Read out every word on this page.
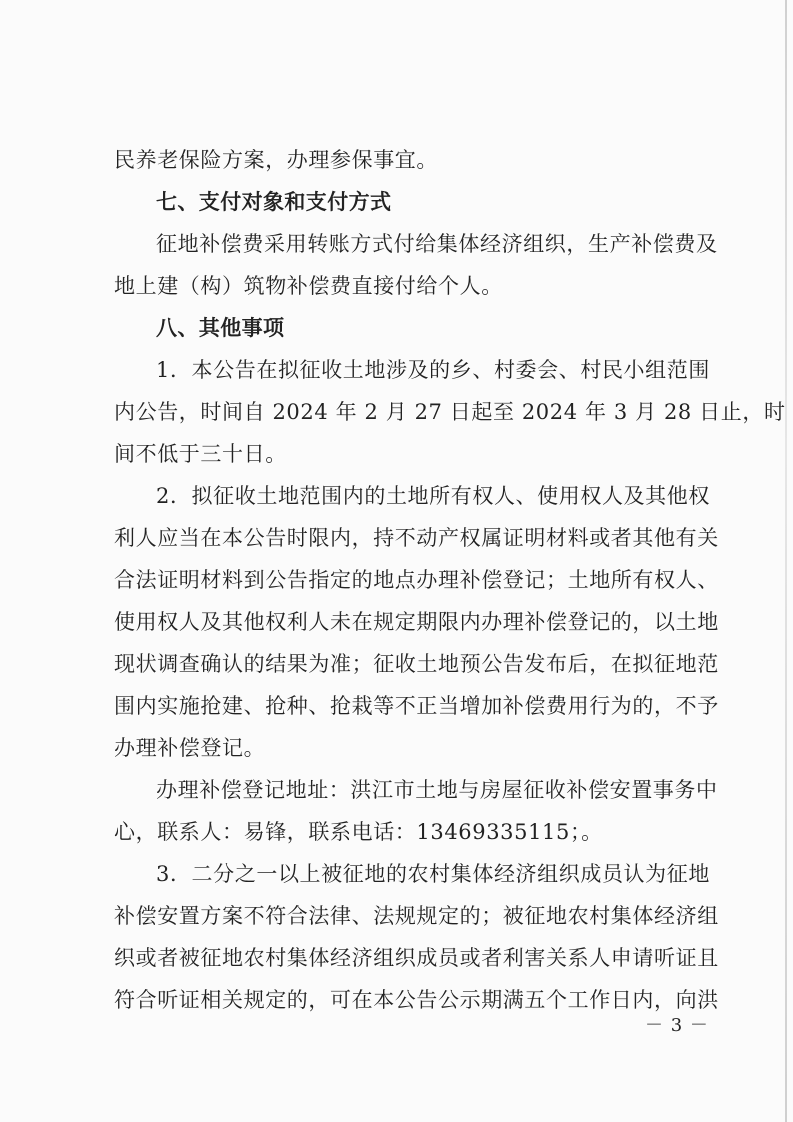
民养老保险方案，办理参保事宜。
七、支付对象和支付方式
征地补偿费采用转账方式付给集体经济组织，生产补偿费及
地上建（构）筑物补偿费直接付给个人。
八、其他事项
1．本公告在拟征收土地涉及的乡、村委会、村民小组范围
内公告，时间自 2024 年 2 月 27 日起至 2024 年 3 月 28 日止，时
间不低于三十日。
2．拟征收土地范围内的土地所有权人、使用权人及其他权
利人应当在本公告时限内，持不动产权属证明材料或者其他有关
合法证明材料到公告指定的地点办理补偿登记；土地所有权人、
使用权人及其他权利人未在规定期限内办理补偿登记的，以土地
现状调查确认的结果为准；征收土地预公告发布后，在拟征地范
围内实施抢建、抢种、抢栽等不正当增加补偿费用行为的，不予
办理补偿登记。
办理补偿登记地址：洪江市土地与房屋征收补偿安置事务中
心，联系人：易锋，联系电话：13469335115；。
3．二分之一以上被征地的农村集体经济组织成员认为征地
补偿安置方案不符合法律、法规规定的；被征地农村集体经济组
织或者被征地农村集体经济组织成员或者利害关系人申请听证且
符合听证相关规定的，可在本公告公示期满五个工作日内，向洪
－ 3 －
